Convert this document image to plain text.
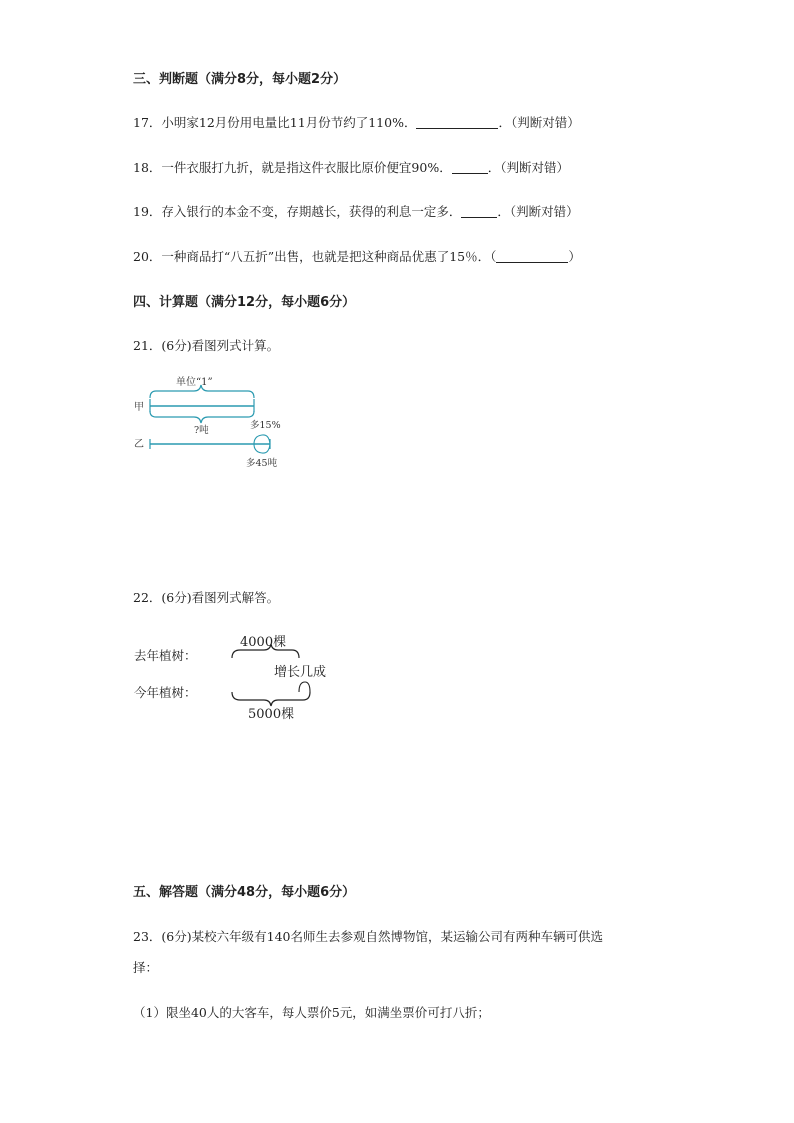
三、判断题（满分8分，每小题2分）
17．小明家12月份用电量比11月份节约了110%．	．（判断对错）
18．一件衣服打九折，就是指这件衣服比原价便宜90%．	．（判断对错）
19．存入银行的本金不变，存期越长，获得的利息一定多．	．（判断对错）
20．一种商品打“八五折”出售，也就是把这种商品优惠了15％．（	）
四、计算题（满分12分，每小题6分）
21．(6分)看图列式计算。
单位“1”
甲
?吨	多15%
乙
多45吨
22．(6分)看图列式解答。
4000棵
去年植树：
增长几成
今年植树：
5000棵
五、解答题（满分48分，每小题6分）
23．(6分)某校六年级有140名师生去参观自然博物馆，某运输公司有两种车辆可供选
择：
（1）限坐40人的大客车，每人票价5元，如满坐票价可打八折；
